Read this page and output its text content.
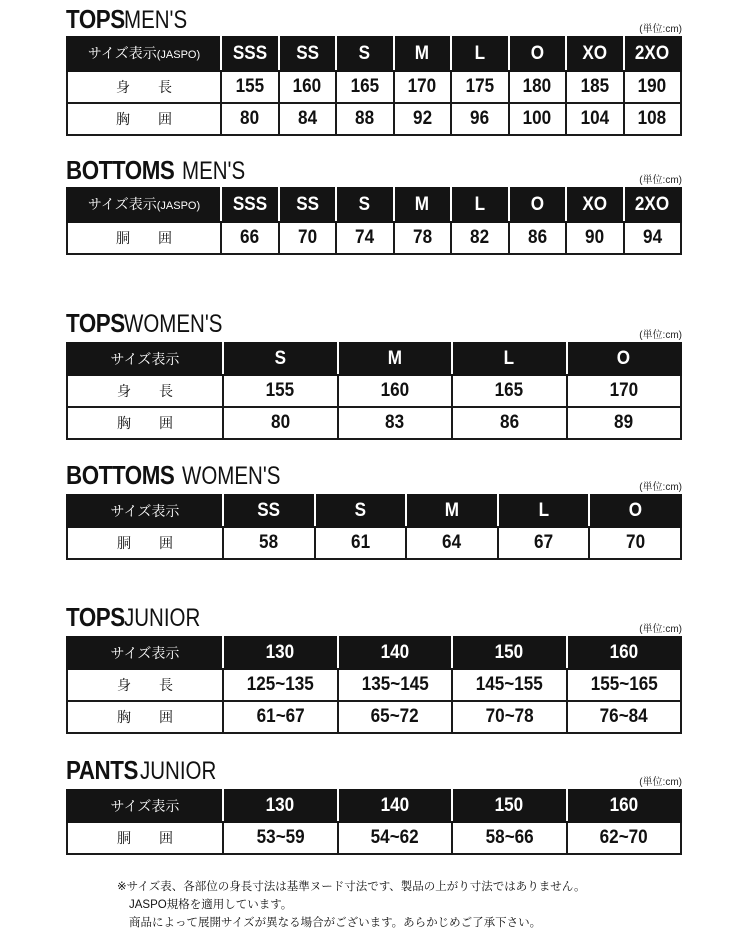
TOPSMEN'S	(単位:cm)
サイズ表示(JASPO)	SSS	SS	S	M	L	O	XO	2XO
身　　長	155	160	165	170	175	180	185	190
胸　　囲	80	84	88	92	96	100	104	108
BOTTOMS MEN'S	(単位:cm)
サイズ表示(JASPO)	SSS	SS	S	M	L	O	XO	2XO
胴　　囲	66	70	74	78	82	86	90	94
TOPSWOMEN'S	(単位:cm)
サイズ表示	S	M	L	O
身　　長	155	160	165	170
胸　　囲	80	83	86	89
BOTTOMS WOMEN'S	(単位:cm)
サイズ表示	SS	S	M	L	O
胴　　囲	58	61	64	67	70
TOPSJUNIOR	(単位:cm)
サイズ表示	130	140	150	160
身　　長	125~135	135~145	145~155	155~165
胸　　囲	61~67	65~72	70~78	76~84
PANTSJUNIOR	(単位:cm)
サイズ表示	130	140	150	160
胴　　囲	53~59	54~62	58~66	62~70
※サイズ表、各部位の身長寸法は基準ヌード寸法です、製品の上がり寸法ではありません。
JASPO規格を適用しています。
商品によって展開サイズが異なる場合がございます。あらかじめご了承下さい。
